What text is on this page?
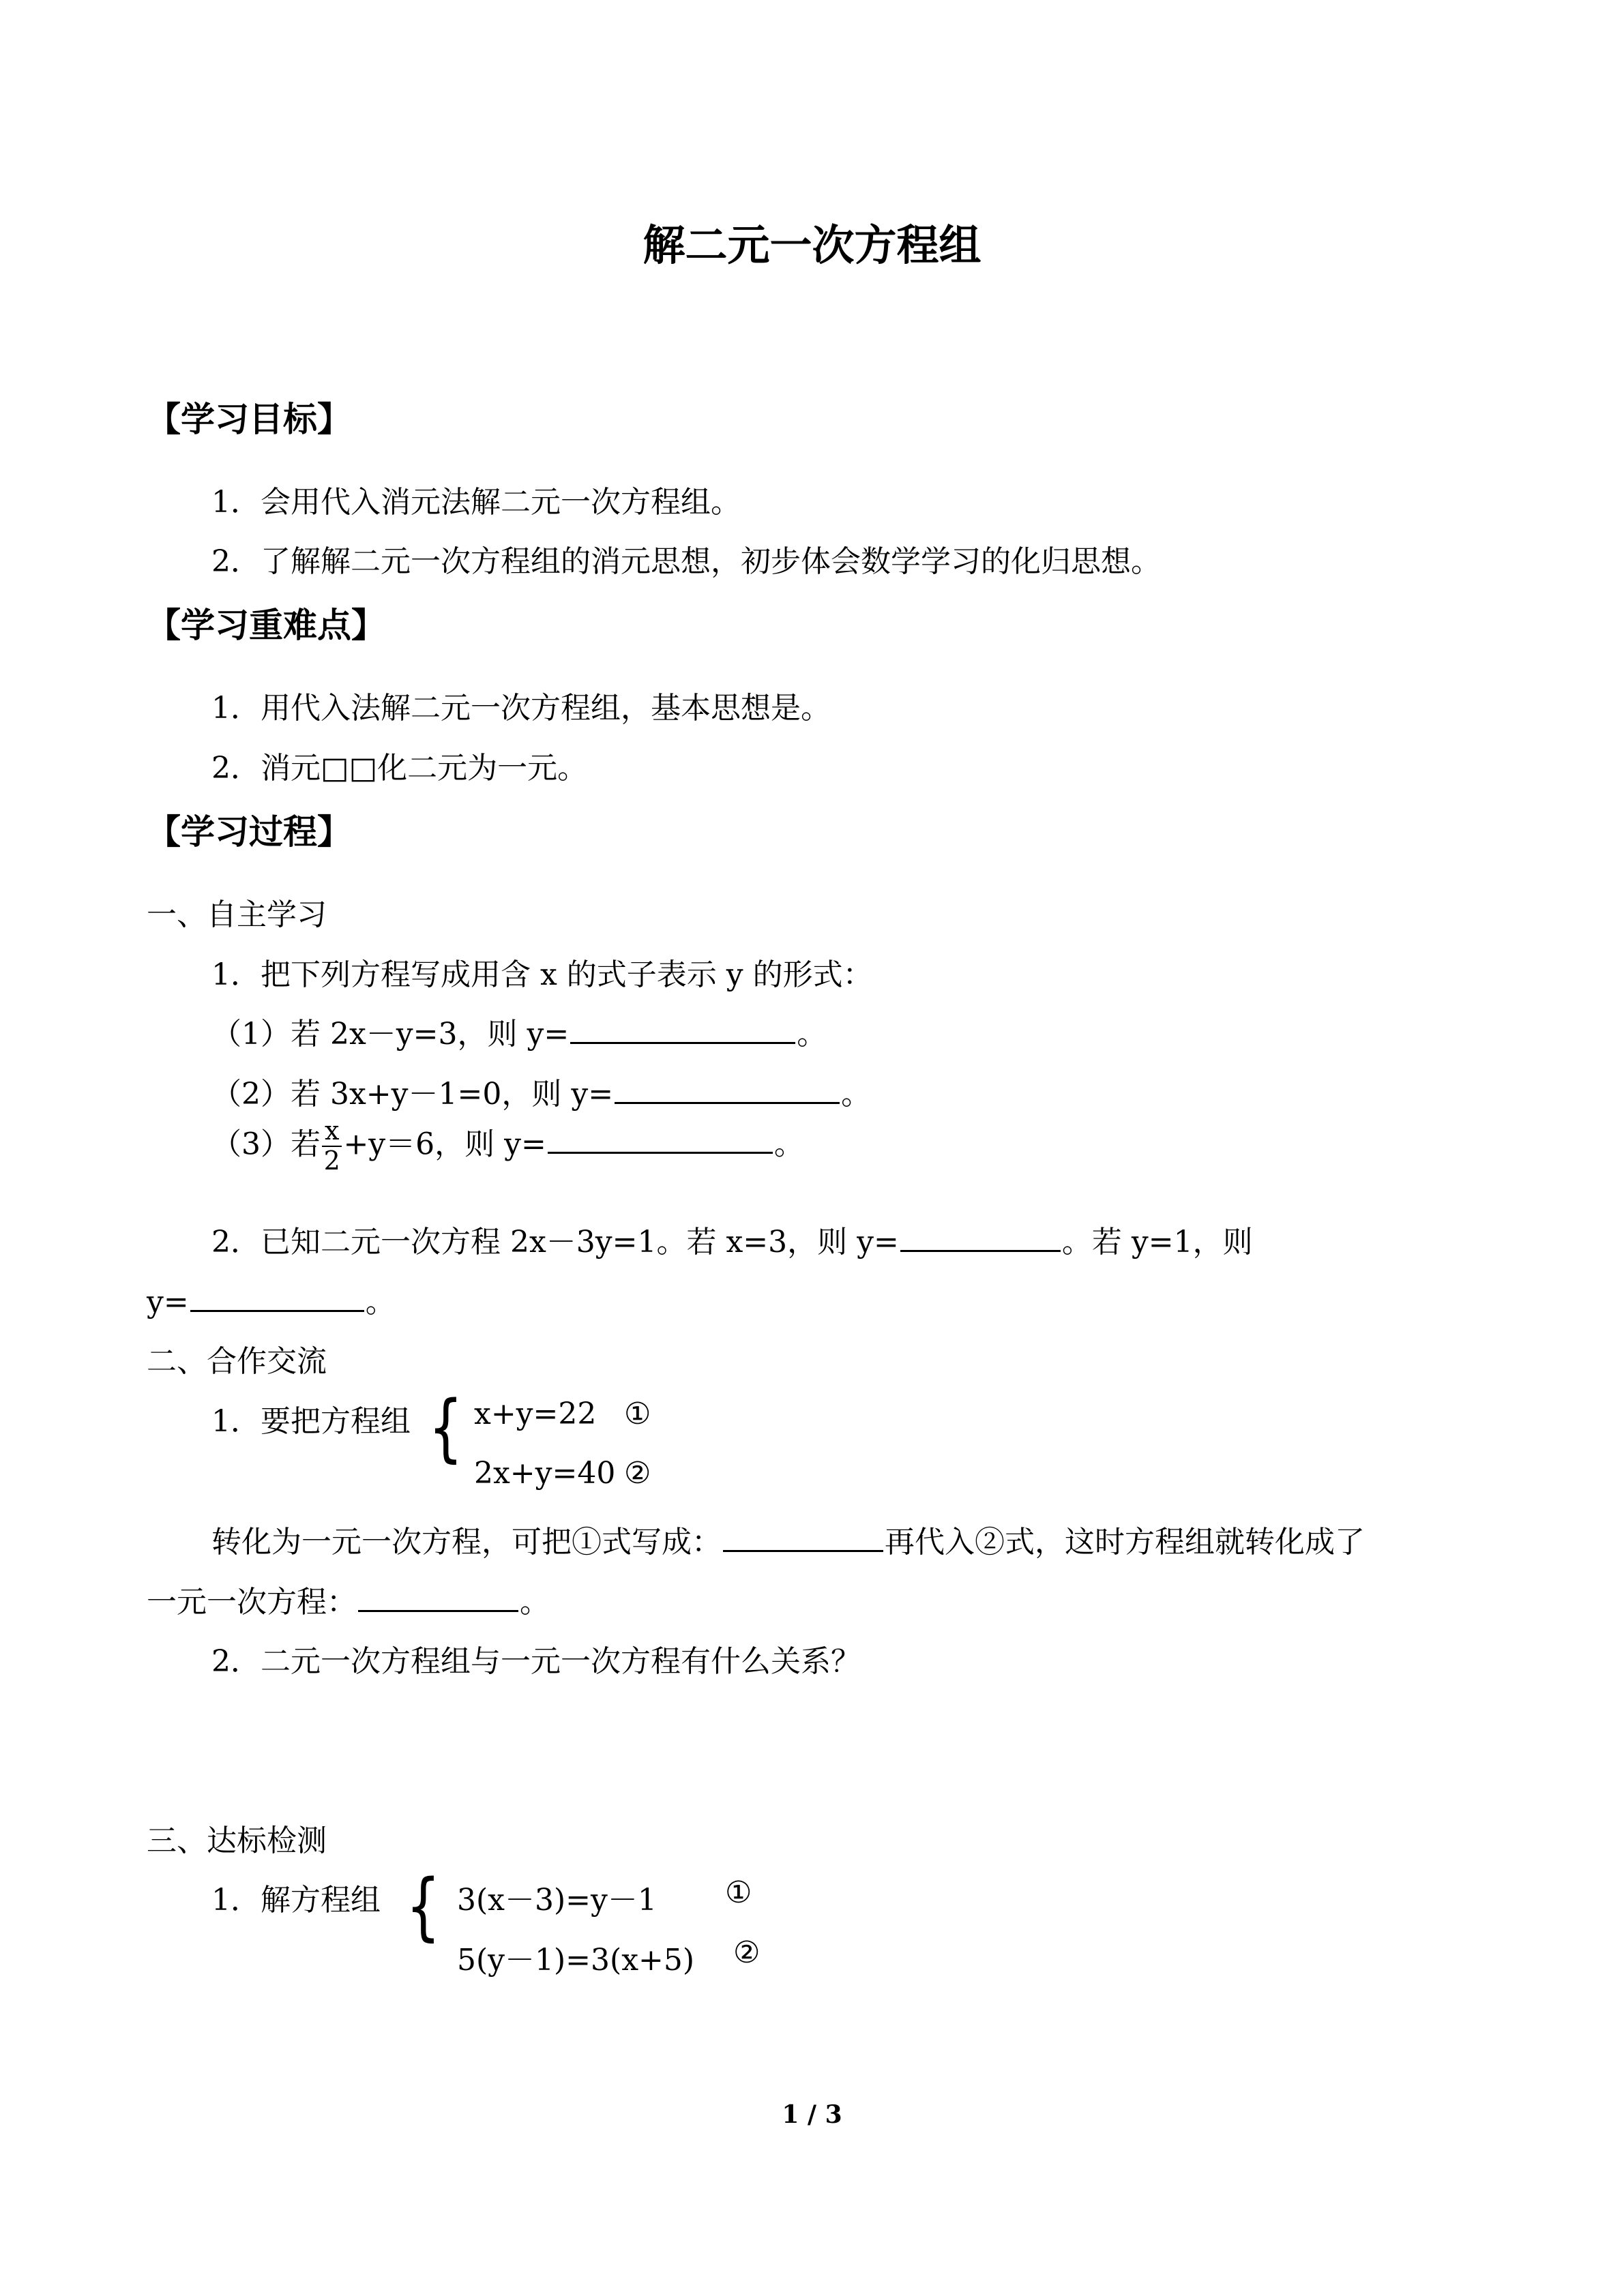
解二元一次方程组
【学习目标】
1．会用代入消元法解二元一次方程组。
2．了解解二元一次方程组的消元思想，初步体会数学学习的化归思想。
【学习重难点】
1．用代入法解二元一次方程组，基本思想是。
2．消元□□化二元为一元。
【学习过程】
一、自主学习
1．把下列方程写成用含 x 的式子表示 y 的形式：
（1）若 2x－y=3，则 y=	。
（2）若 3x+y－1=0，则 y=	。
（3）若 $\frac{x}{2} +y=6$，则 y=	。
2．已知二元一次方程 2x－3y=1。若 x=3，则 y=	。若 y=1，则
y=	。
二、合作交流
1．要把方程组 { x+y=22 ①
2x+y=40 ②
转化为一元一次方程，可把①式写成：	再代入②式，这时方程组就转化成了
一元一次方程：	。
2．二元一次方程组与一元一次方程有什么关系？
三、达标检测
1．解方程组 { 3(x－3)=y－1 ①
5(y－1)=3(x+5) ②
1 / 3
